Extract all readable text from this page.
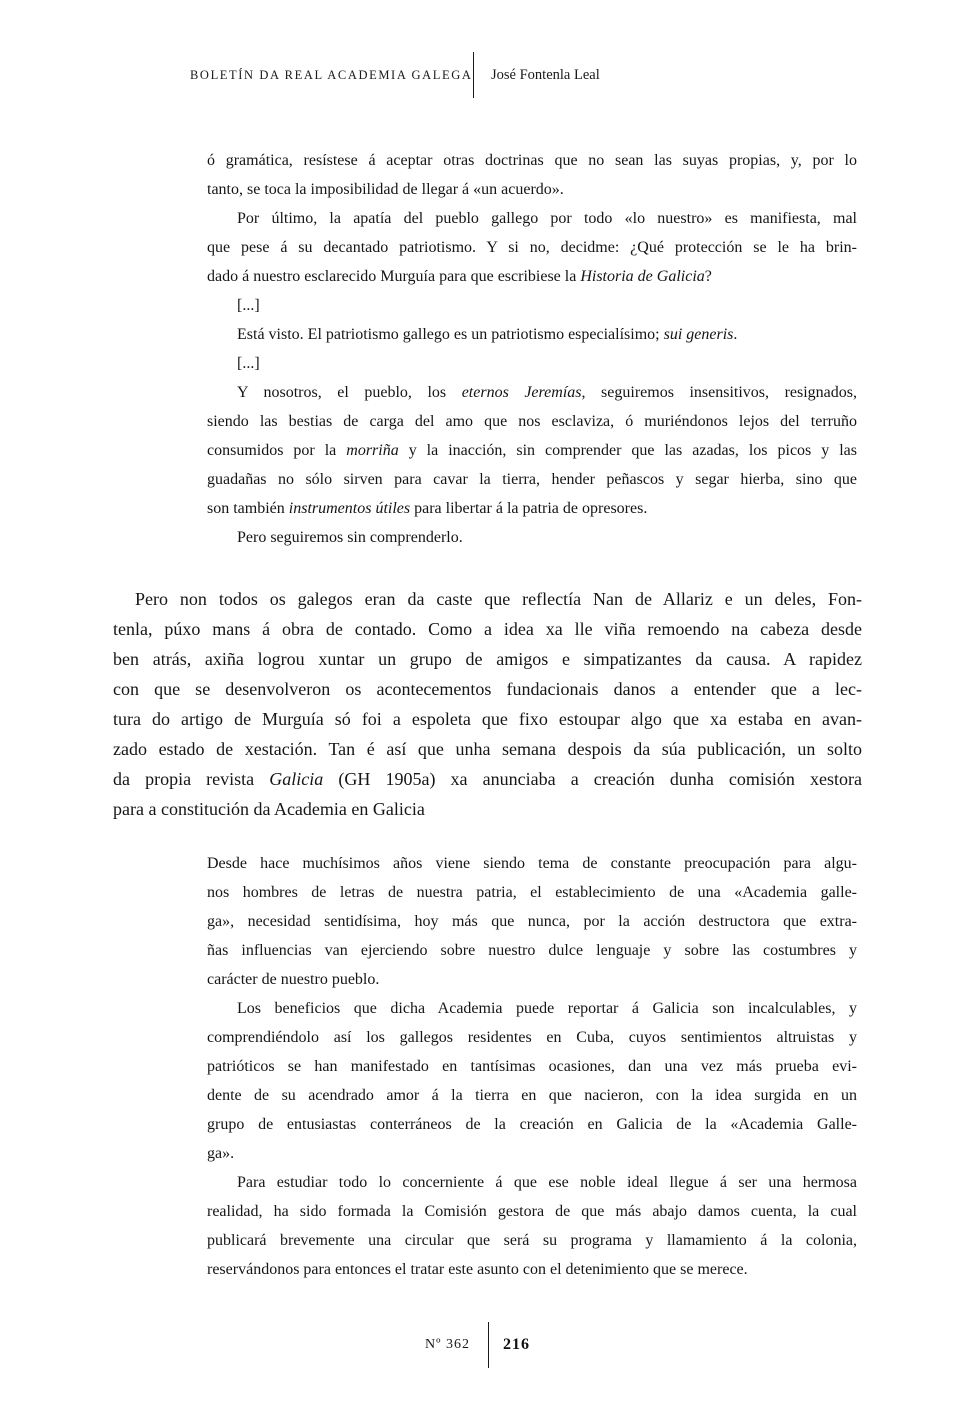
BOLETÍN DA REAL ACADEMIA GALEGA José Fontenla Leal
ó gramática, resístese á aceptar otras doctrinas que no sean las suyas propias, y, por lo
tanto, se toca la imposibilidad de llegar á «un acuerdo».
Por último, la apatía del pueblo gallego por todo «lo nuestro» es manifiesta, mal
que pese á su decantado patriotismo. Y si no, decidme: ¿Qué protección se le ha brin-
dado á nuestro esclarecido Murguía para que escribiese la Historia de Galicia?
[...]
Está visto. El patriotismo gallego es un patriotismo especialísimo; sui generis.
[...]
Y nosotros, el pueblo, los eternos Jeremías, seguiremos insensitivos, resignados,
siendo las bestias de carga del amo que nos esclaviza, ó muriéndonos lejos del terruño
consumidos por la morriña y la inacción, sin comprender que las azadas, los picos y las
guadañas no sólo sirven para cavar la tierra, hender peñascos y segar hierba, sino que
son también instrumentos útiles para libertar á la patria de opresores.
Pero seguiremos sin comprenderlo.
Pero non todos os galegos eran da caste que reflectía Nan de Allariz e un deles, Fon-
tenla, púxo mans á obra de contado. Como a idea xa lle viña remoendo na cabeza desde
ben atrás, axiña logrou xuntar un grupo de amigos e simpatizantes da causa. A rapidez
con que se desenvolveron os acontecementos fundacionais danos a entender que a lec-
tura do artigo de Murguía só foi a espoleta que fixo estoupar algo que xa estaba en avan-
zado estado de xestación. Tan é así que unha semana despois da súa publicación, un solto
da propia revista Galicia (GH 1905a) xa anunciaba a creación dunha comisión xestora
para a constitución da Academia en Galicia
Desde hace muchísimos años viene siendo tema de constante preocupación para algu-
nos hombres de letras de nuestra patria, el establecimiento de una «Academia galle-
ga», necesidad sentidísima, hoy más que nunca, por la acción destructora que extra-
ñas influencias van ejerciendo sobre nuestro dulce lenguaje y sobre las costumbres y
carácter de nuestro pueblo.
Los beneficios que dicha Academia puede reportar á Galicia son incalculables, y
comprendiéndolo así los gallegos residentes en Cuba, cuyos sentimientos altruistas y
patrióticos se han manifestado en tantísimas ocasiones, dan una vez más prueba evi-
dente de su acendrado amor á la tierra en que nacieron, con la idea surgida en un
grupo de entusiastas conterráneos de la creación en Galicia de la «Academia Galle-
ga».
Para estudiar todo lo concerniente á que ese noble ideal llegue á ser una hermosa
realidad, ha sido formada la Comisión gestora de que más abajo damos cuenta, la cual
publicará brevemente una circular que será su programa y llamamiento á la colonia,
reservándonos para entonces el tratar este asunto con el detenimiento que se merece.
Nº 362 216
